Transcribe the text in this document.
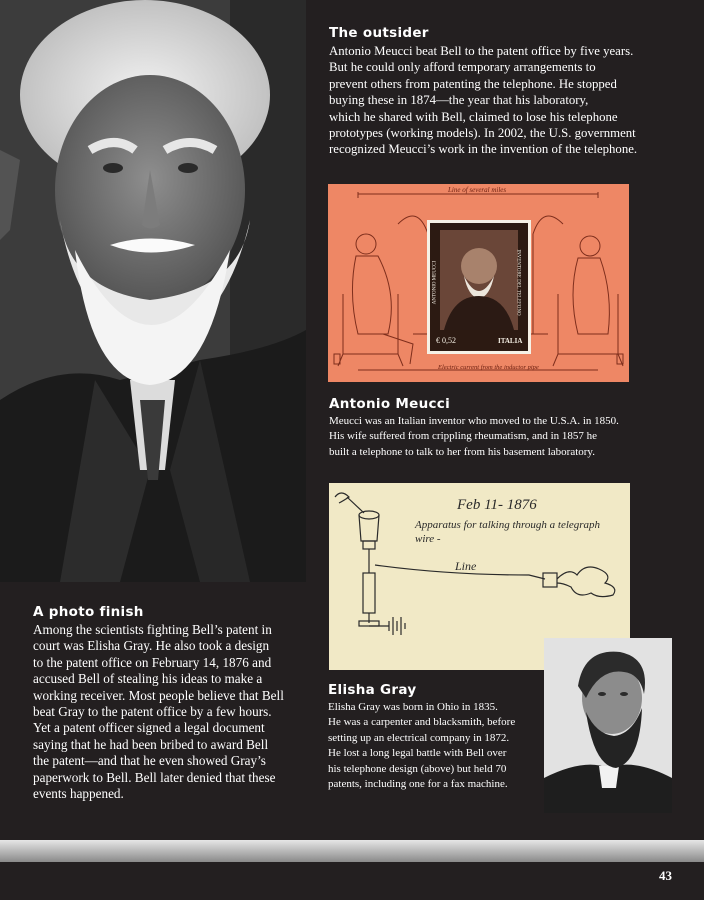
The outsider

Antonio Meucci beat Bell to the patent office by five years.
But he could only afford temporary arrangements to
prevent others from patenting the telephone. He stopped
buying these in 1874—the year that his laboratory,
which he shared with Bell, claimed to lose his telephone
prototypes (working models). In 2002, the U.S. government
recognized Meucci’s work in the invention of the telephone.

Line of several miles
Electric current from the inductor pipe
ANTONIO MEUCCI	INVENTORE DEL TELEFONO
€ 0,52	ITALIA
Antonio Meucci

Meucci was an Italian inventor who moved to the U.S.A. in 1850.
His wife suffered from crippling rheumatism, and in 1857 he
built a telephone to talk to her from his basement laboratory.

Feb 11- 1876
Apparatus for talking through a telegraph
wire -
Line
Elisha Gray

Elisha Gray was born in Ohio in 1835.
He was a carpenter and blacksmith, before
setting up an electrical company in 1872.
He lost a long legal battle with Bell over
his telephone design (above) but held 70
patents, including one for a fax machine.

A photo finish

Among the scientists fighting Bell’s patent in
court was Elisha Gray. He also took a design
to the patent office on February 14, 1876 and
accused Bell of stealing his ideas to make a
working receiver. Most people believe that Bell
beat Gray to the patent office by a few hours.
Yet a patent officer signed a legal document
saying that he had been bribed to award Bell
the patent—and that he even showed Gray’s
paperwork to Bell. Bell later denied that these
events happened.

43
